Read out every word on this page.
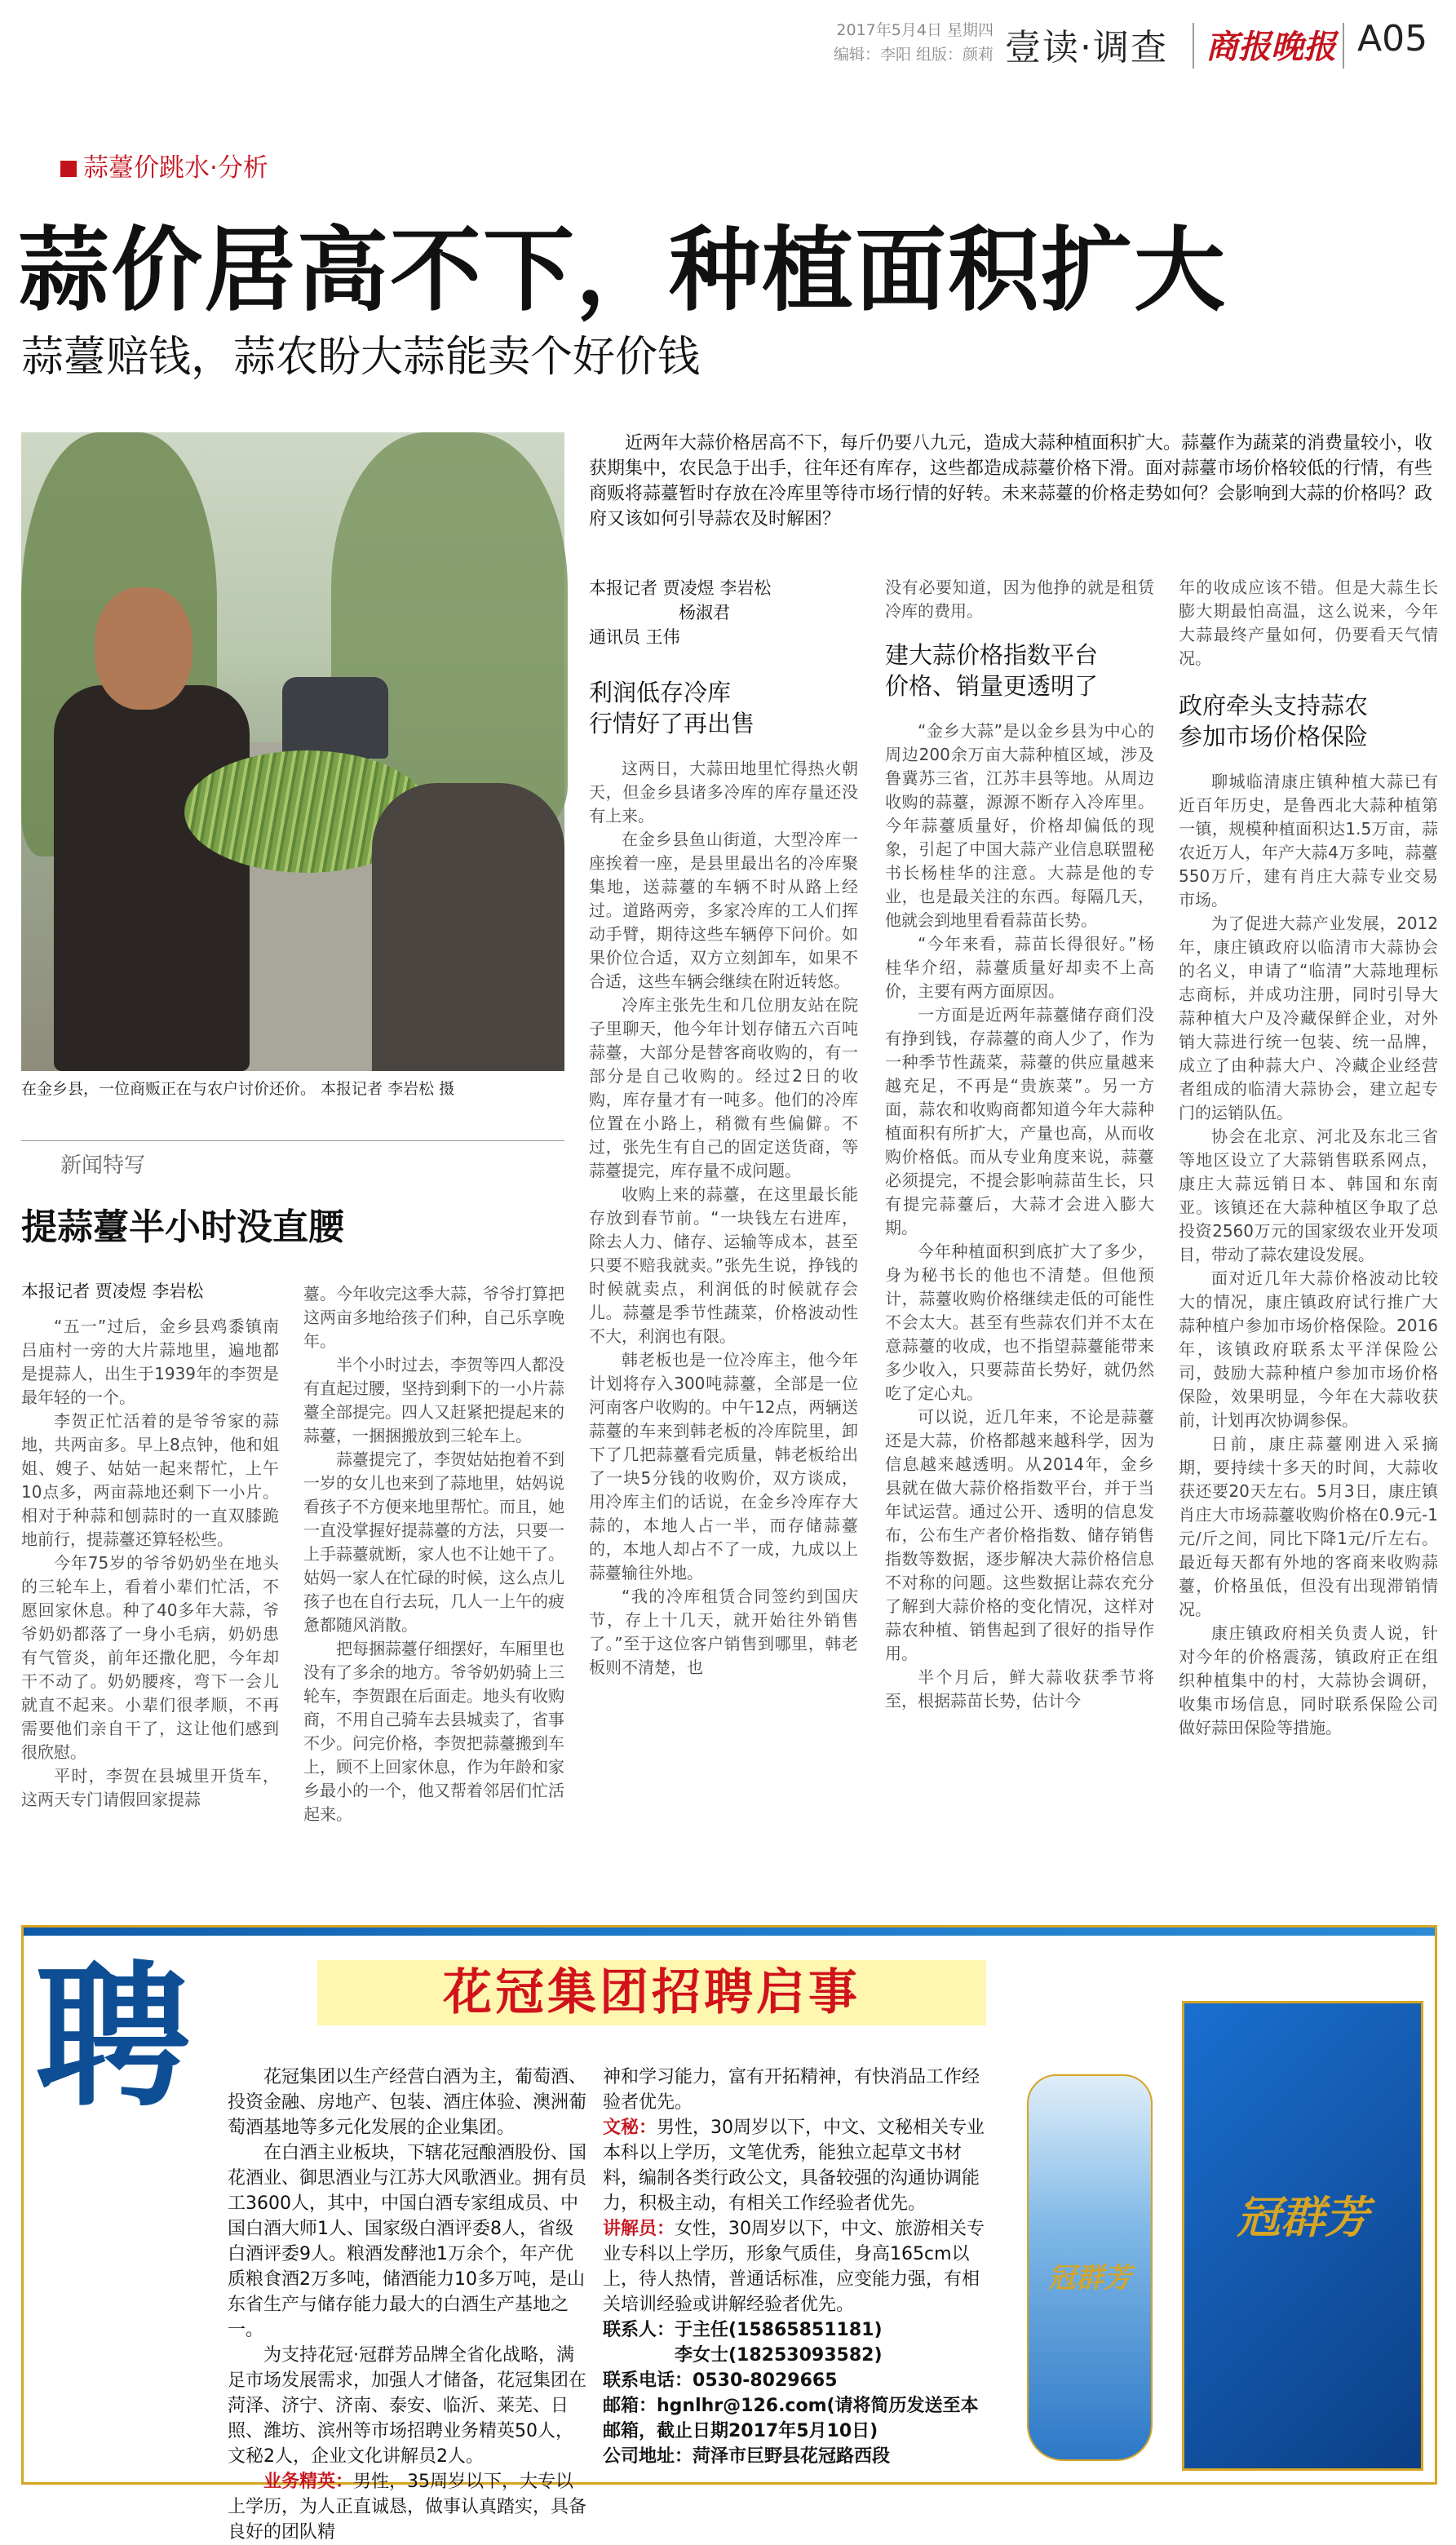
2017年5月4日 星期四
编辑：李阳 组版：颜莉 壹读·调查 商报晚报 A05
蒜薹价跳水·分析
蒜价居高不下，种植面积扩大
蒜薹赔钱，蒜农盼大蒜能卖个好价钱
在金乡县，一位商贩正在与农户讨价还价。 本报记者 李岩松 摄
近两年大蒜价格居高不下，每斤仍要八九元，造成大蒜种植面积扩大。蒜薹作为蔬菜的消费量较小，收获期集中，农民急于出手，往年还有库存，这些都造成蒜薹价格下滑。面对蒜薹市场价格较低的行情，有些商贩将蒜薹暂时存放在冷库里等待市场行情的好转。未来蒜薹的价格走势如何？会影响到大蒜的价格吗？政府又该如何引导蒜农及时解困？
本报记者 贾凌煜 李岩松
杨淑君
通讯员 王伟
利润低存冷库
行情好了再出售

这两日，大蒜田地里忙得热火朝天，但金乡县诸多冷库的库存量还没有上来。

在金乡县鱼山街道，大型冷库一座挨着一座，是县里最出名的冷库聚集地，送蒜薹的车辆不时从路上经过。道路两旁，多家冷库的工人们挥动手臂，期待这些车辆停下问价。如果价位合适，双方立刻卸车，如果不合适，这些车辆会继续在附近转悠。

冷库主张先生和几位朋友站在院子里聊天，他今年计划存储五六百吨蒜薹，大部分是替客商收购的，有一部分是自己收购的。经过2日的收购，库存量才有一吨多。他们的冷库位置在小路上，稍微有些偏僻。不过，张先生有自己的固定送货商，等蒜薹提完，库存量不成问题。

收购上来的蒜薹，在这里最长能存放到春节前。“一块钱左右进库，除去人力、储存、运输等成本，甚至只要不赔我就卖。”张先生说，挣钱的时候就卖点，利润低的时候就存会儿。蒜薹是季节性蔬菜，价格波动性不大，利润也有限。

韩老板也是一位冷库主，他今年计划将存入300吨蒜薹，全部是一位河南客户收购的。中午12点，两辆送蒜薹的车来到韩老板的冷库院里，卸下了几把蒜薹看完质量，韩老板给出了一块5分钱的收购价，双方谈成，用冷库主们的话说，在金乡冷库存大蒜的，本地人占一半，而存储蒜薹的，本地人却占不了一成，九成以上蒜薹输往外地。

“我的冷库租赁合同签约到国庆节，存上十几天，就开始往外销售了。”至于这位客户销售到哪里，韩老板则不清楚，也

没有必要知道，因为他挣的就是租赁冷库的费用。

建大蒜价格指数平台
价格、销量更透明了

“金乡大蒜”是以金乡县为中心的周边200余万亩大蒜种植区域，涉及鲁冀苏三省，江苏丰县等地。从周边收购的蒜薹，源源不断存入冷库里。今年蒜薹质量好，价格却偏低的现象，引起了中国大蒜产业信息联盟秘书长杨桂华的注意。大蒜是他的专业，也是最关注的东西。每隔几天，他就会到地里看看蒜苗长势。

“今年来看，蒜苗长得很好。”杨桂华介绍，蒜薹质量好却卖不上高价，主要有两方面原因。

一方面是近两年蒜薹储存商们没有挣到钱，存蒜薹的商人少了，作为一种季节性蔬菜，蒜薹的供应量越来越充足，不再是“贵族菜”。另一方面，蒜农和收购商都知道今年大蒜种植面积有所扩大，产量也高，从而收购价格低。而从专业角度来说，蒜薹必须提完，不提会影响蒜苗生长，只有提完蒜薹后，大蒜才会进入膨大期。

今年种植面积到底扩大了多少，身为秘书长的他也不清楚。但他预计，蒜薹收购价格继续走低的可能性不会太大。甚至有些蒜农们并不太在意蒜薹的收成，也不指望蒜薹能带来多少收入，只要蒜苗长势好，就仍然吃了定心丸。

可以说，近几年来，不论是蒜薹还是大蒜，价格都越来越科学，因为信息越来越透明。从2014年，金乡县就在做大蒜价格指数平台，并于当年试运营。通过公开、透明的信息发布，公布生产者价格指数、储存销售指数等数据，逐步解决大蒜价格信息不对称的问题。这些数据让蒜农充分了解到大蒜价格的变化情况，这样对蒜农种植、销售起到了很好的指导作用。

半个月后，鲜大蒜收获季节将至，根据蒜苗长势，估计今

年的收成应该不错。但是大蒜生长膨大期最怕高温，这么说来，今年大蒜最终产量如何，仍要看天气情况。

政府牵头支持蒜农
参加市场价格保险

聊城临清康庄镇种植大蒜已有近百年历史，是鲁西北大蒜种植第一镇，规模种植面积达1.5万亩，蒜农近万人，年产大蒜4万多吨，蒜薹550万斤，建有肖庄大蒜专业交易市场。

为了促进大蒜产业发展，2012年，康庄镇政府以临清市大蒜协会的名义，申请了“临清”大蒜地理标志商标，并成功注册，同时引导大蒜种植大户及冷藏保鲜企业，对外销大蒜进行统一包装、统一品牌，成立了由种蒜大户、冷藏企业经营者组成的临清大蒜协会，建立起专门的运销队伍。

协会在北京、河北及东北三省等地区设立了大蒜销售联系网点，康庄大蒜远销日本、韩国和东南亚。该镇还在大蒜种植区争取了总投资2560万元的国家级农业开发项目，带动了蒜农建设发展。

面对近几年大蒜价格波动比较大的情况，康庄镇政府试行推广大蒜种植户参加市场价格保险。2016年，该镇政府联系太平洋保险公司，鼓励大蒜种植户参加市场价格保险，效果明显，今年在大蒜收获前，计划再次协调参保。

日前，康庄蒜薹刚进入采摘期，要持续十多天的时间，大蒜收获还要20天左右。5月3日，康庄镇肖庄大市场蒜薹收购价格在0.9元-1元/斤之间，同比下降1元/斤左右。最近每天都有外地的客商来收购蒜薹，价格虽低，但没有出现滞销情况。

康庄镇政府相关负责人说，针对今年的价格震荡，镇政府正在组织种植集中的村，大蒜协会调研，收集市场信息，同时联系保险公司做好蒜田保险等措施。

新闻特写
提蒜薹半小时没直腰
本报记者 贾凌煜 李岩松

“五一”过后，金乡县鸡黍镇南吕庙村一旁的大片蒜地里，遍地都是提蒜人，出生于1939年的李贺是最年轻的一个。

李贺正忙活着的是爷爷家的蒜地，共两亩多。早上8点钟，他和姐姐、嫂子、姑姑一起来帮忙，上午10点多，两亩蒜地还剩下一小片。相对于种蒜和刨蒜时的一直双膝跪地前行，提蒜薹还算轻松些。

今年75岁的爷爷奶奶坐在地头的三轮车上，看着小辈们忙活，不愿回家休息。种了40多年大蒜，爷爷奶奶都落了一身小毛病，奶奶患有气管炎，前年还撒化肥，今年却干不动了。奶奶腰疼，弯下一会儿就直不起来。小辈们很孝顺，不再需要他们亲自干了，这让他们感到很欣慰。

平时，李贺在县城里开货车，这两天专门请假回家提蒜

薹。今年收完这季大蒜，爷爷打算把这两亩多地给孩子们种，自己乐享晚年。

半个小时过去，李贺等四人都没有直起过腰，坚持到剩下的一小片蒜薹全部提完。四人又赶紧把提起来的蒜薹，一捆捆搬放到三轮车上。

蒜薹提完了，李贺姑姑抱着不到一岁的女儿也来到了蒜地里，姑妈说看孩子不方便来地里帮忙。而且，她一直没掌握好提蒜薹的方法，只要一上手蒜薹就断，家人也不让她干了。姑妈一家人在忙碌的时候，这么点儿孩子也在自行去玩，几人一上午的疲惫都随风消散。

把每捆蒜薹仔细摆好，车厢里也没有了多余的地方。爷爷奶奶骑上三轮车，李贺跟在后面走。地头有收购商，不用自己骑车去县城卖了，省事不少。问完价格，李贺把蒜薹搬到车上，顾不上回家休息，作为年龄和家乡最小的一个，他又帮着邻居们忙活起来。

聘	花冠集团招聘启事

花冠集团以生产经营白酒为主，葡萄酒、投资金融、房地产、包装、酒庄体验、澳洲葡萄酒基地等多元化发展的企业集团。

在白酒主业板块，下辖花冠酿酒股份、国花酒业、御思酒业与江苏大风歌酒业。拥有员工3600人，其中，中国白酒专家组成员、中国白酒大师1人、国家级白酒评委8人，省级白酒评委9人。粮酒发酵池1万余个，年产优质粮食酒2万多吨，储酒能力10多万吨，是山东省生产与储存能力最大的白酒生产基地之一。

为支持花冠·冠群芳品牌全省化战略，满足市场发展需求，加强人才储备，花冠集团在菏泽、济宁、济南、泰安、临沂、莱芜、日照、潍坊、滨州等市场招聘业务精英50人，文秘2人，企业文化讲解员2人。

业务精英：男性，35周岁以下，大专以上学历，为人正直诚恳，做事认真踏实，具备良好的团队精

神和学习能力，富有开拓精神，有快消品工作经验者优先。

文秘：男性，30周岁以下，中文、文秘相关专业本科以上学历，文笔优秀，能独立起草文书材料，编制各类行政公文，具备较强的沟通协调能力，积极主动，有相关工作经验者优先。

讲解员：女性，30周岁以下，中文、旅游相关专业专科以上学历，形象气质佳，身高165cm以上，待人热情，普通话标准，应变能力强，有相关培训经验或讲解经验者优先。

联系人：于主任(15865851181)

李女士(18253093582)

联系电话：0530-8029665

邮箱：hgnlhr@126.com(请将简历发送至本邮箱，截止日期2017年5月10日)

公司地址：菏泽市巨野县花冠路西段

冠群芳
冠群芳
